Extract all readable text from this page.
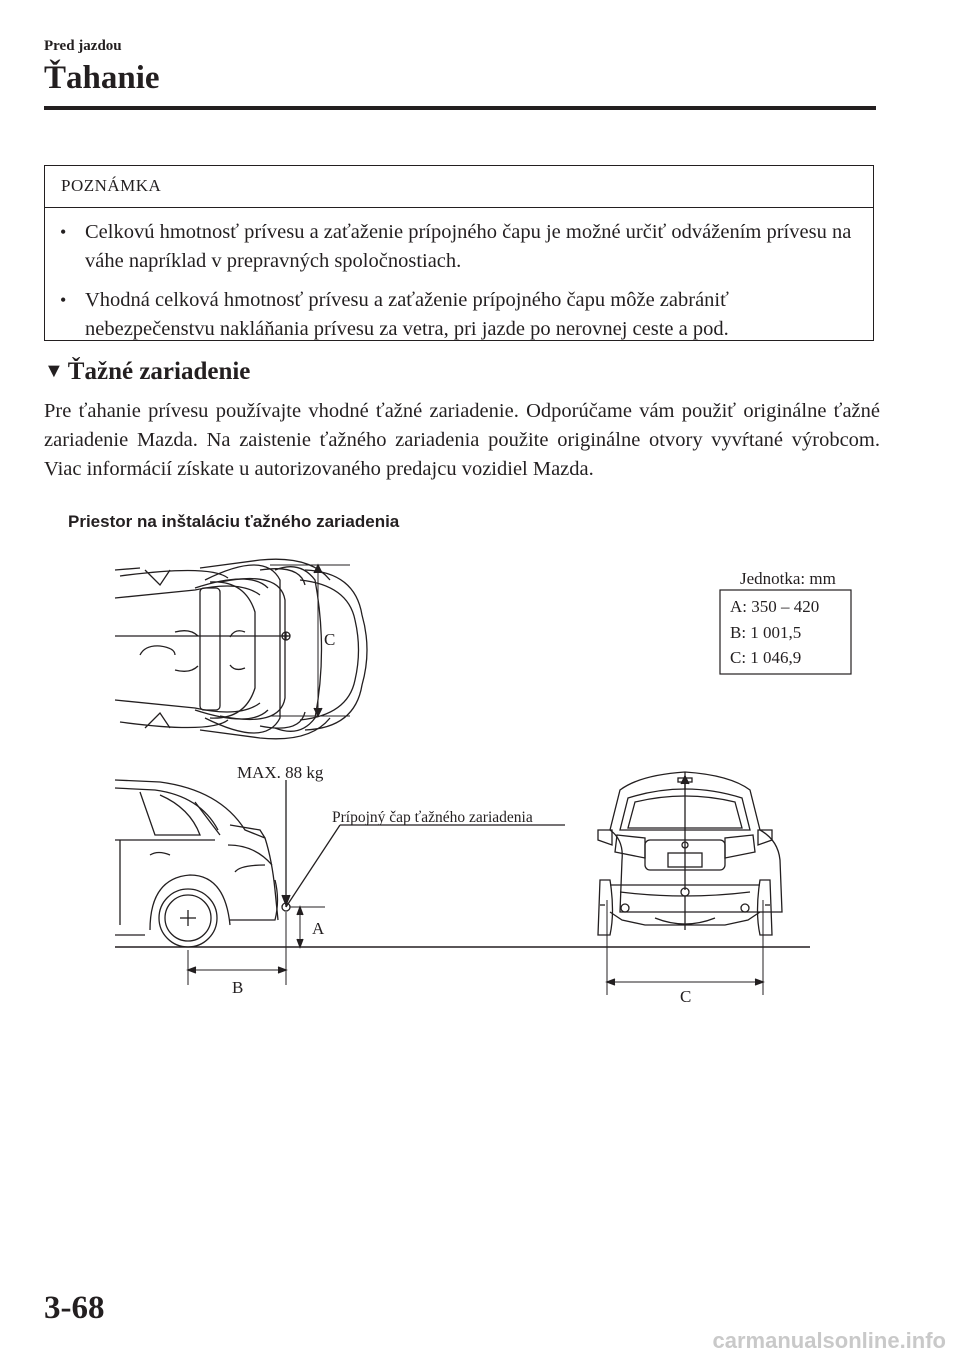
Pred jazdou
Ťahanie
POZNÁMKA
• Celkovú hmotnosť prívesu a zaťaženie prípojného čapu je možné určiť odvážením prívesu na váhe napríklad v prepravných spoločnostiach.
• Vhodná celková hmotnosť prívesu a zaťaženie prípojného čapu môže zabrániť nebezpečenstvu nakláňania prívesu za vetra, pri jazde po nerovnej ceste a pod.
▼ Ťažné zariadenie
Pre ťahanie prívesu používajte vhodné ťažné zariadenie. Odporúčame vám použiť originálne ťažné zariadenie Mazda. Na zaistenie ťažného zariadenia použite originálne otvory vyvŕtané výrobcom. Viac informácií získate u autorizovaného predajcu vozidiel Mazda.
Priestor na inštaláciu ťažného zariadenia
C
Jednotka: mm
A: 350 – 420
B: 1 001,5
C: 1 046,9
MAX. 88 kg
Prípojný čap ťažného zariadenia
A
B	C
3-68
carmanualsonline.info
